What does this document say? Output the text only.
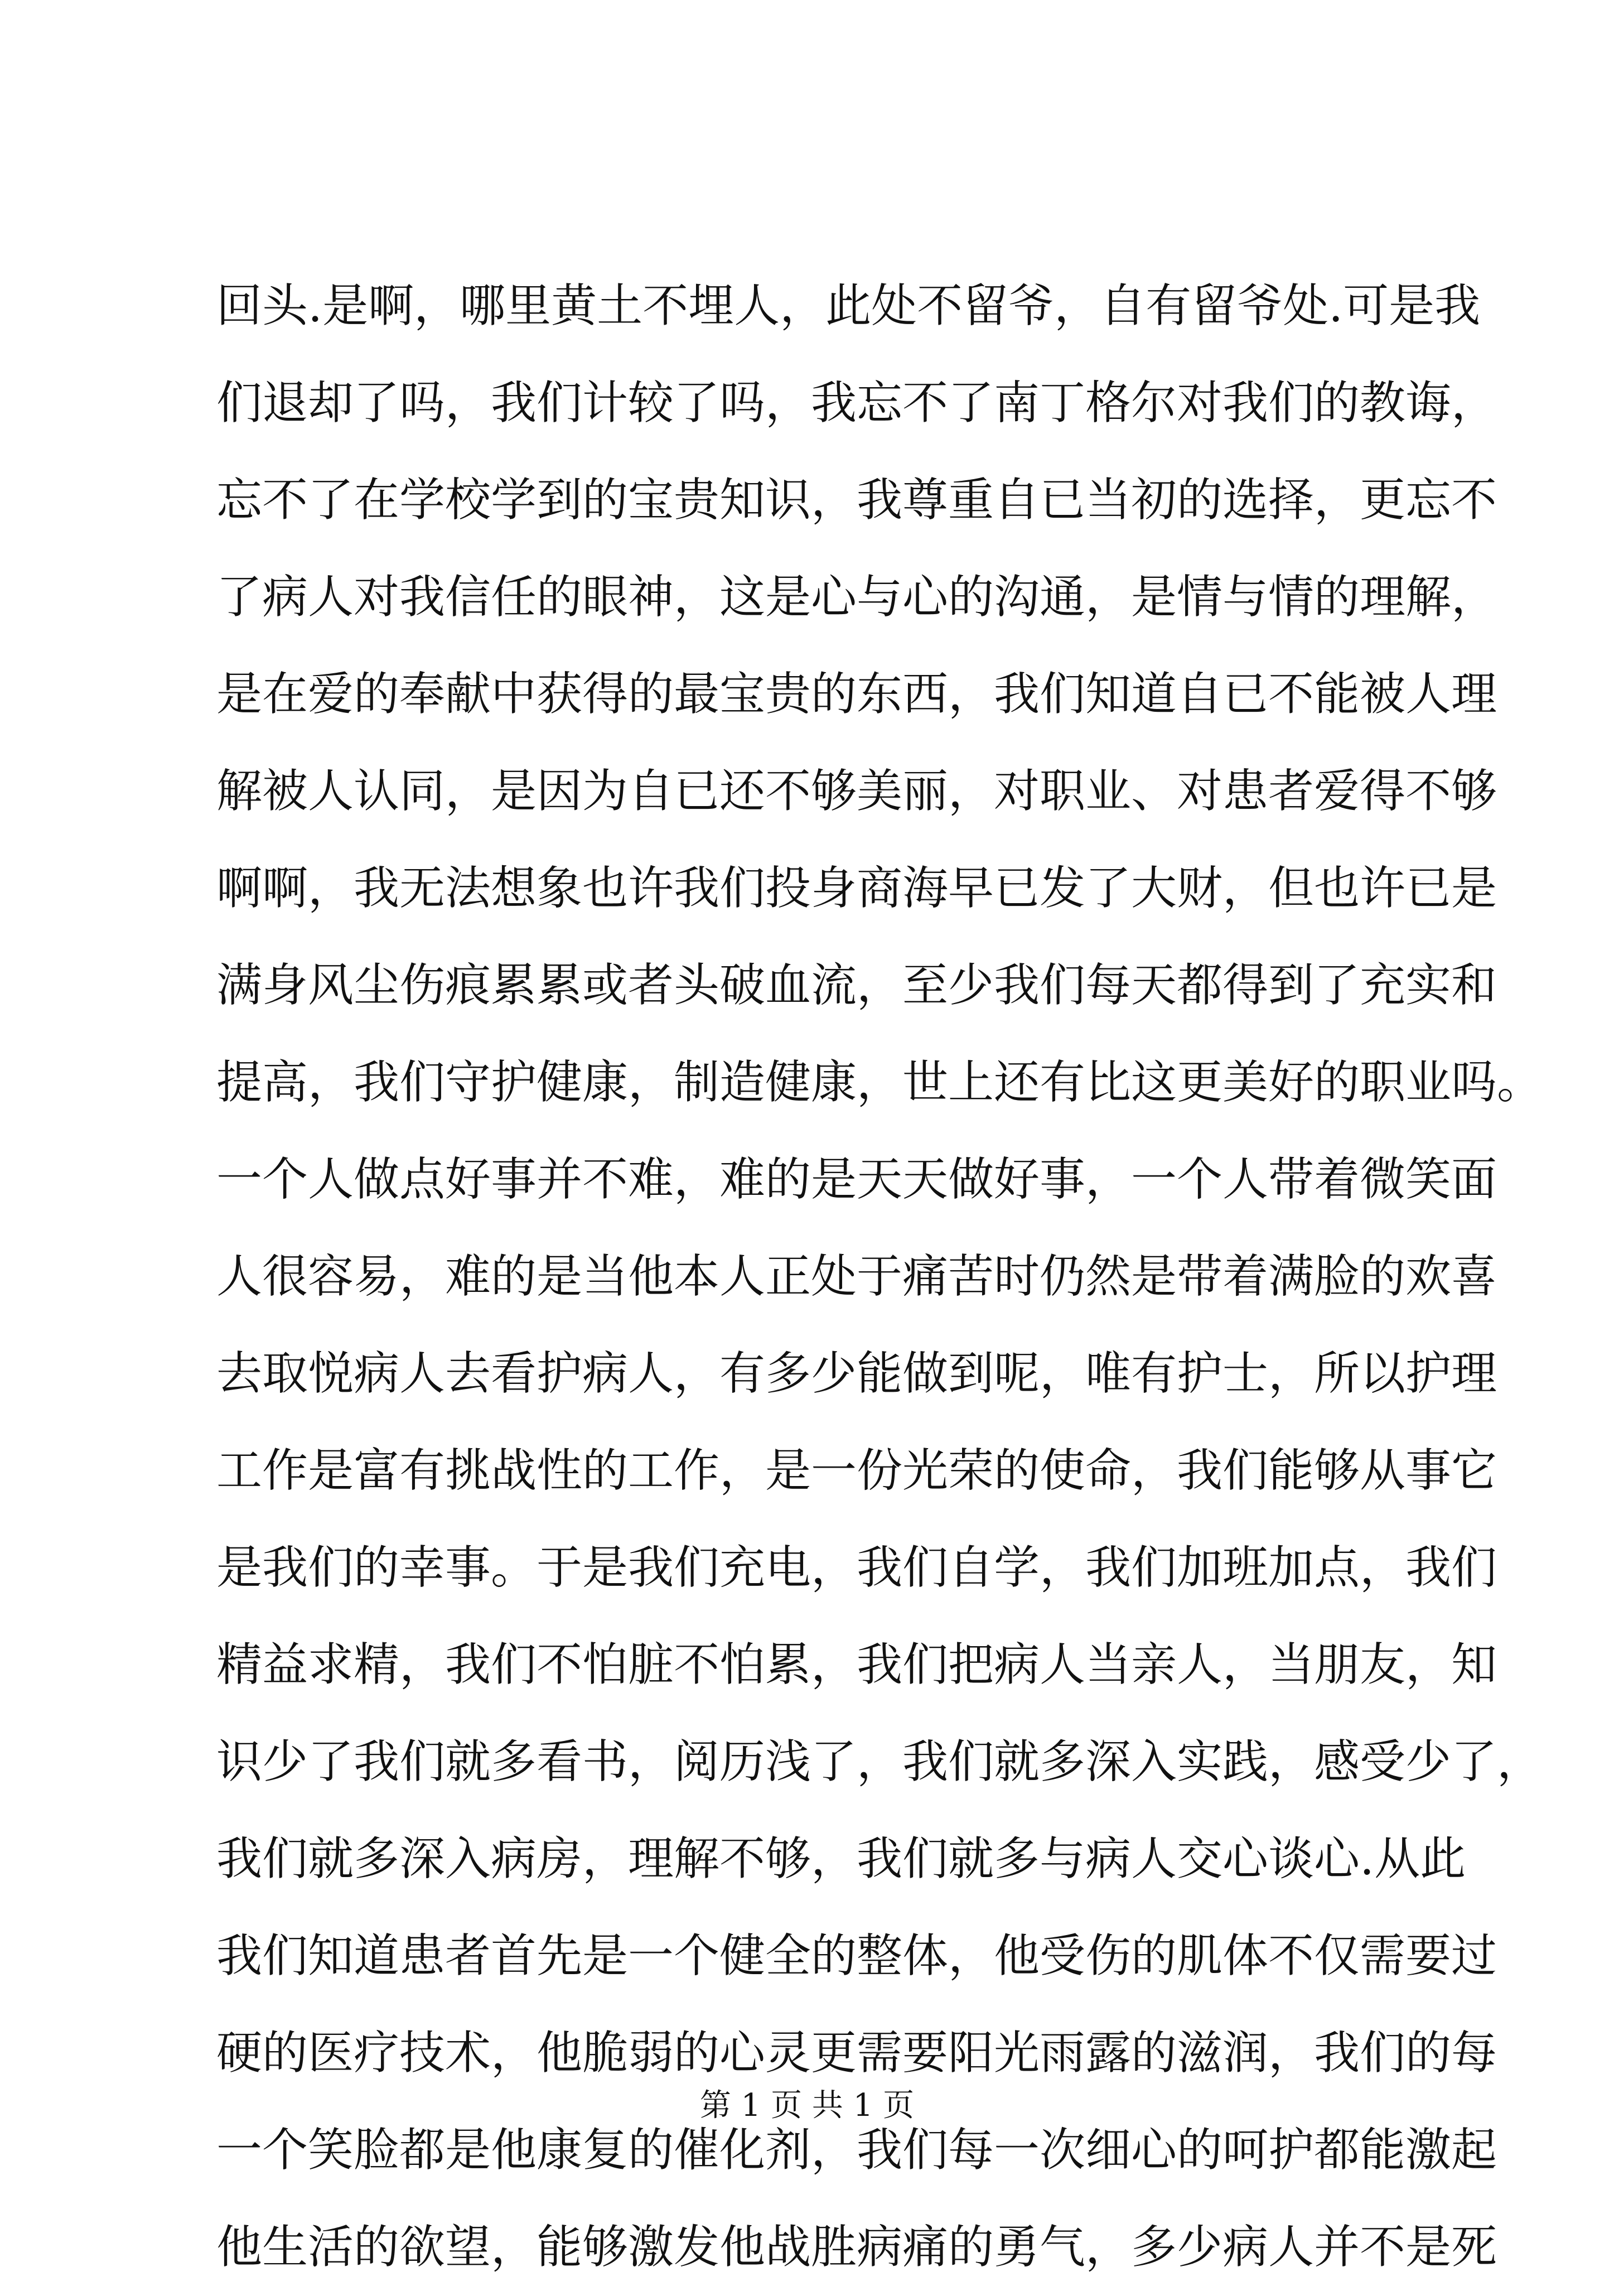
回头.是啊，哪里黄土不埋人，此处不留爷，自有留爷处.可是我
们退却了吗，我们计较了吗，我忘不了南丁格尔对我们的教诲，
忘不了在学校学到的宝贵知识，我尊重自已当初的选择，更忘不
了病人对我信任的眼神，这是心与心的沟通，是情与情的理解，
是在爱的奉献中获得的最宝贵的东西，我们知道自已不能被人理
解被人认同，是因为自已还不够美丽，对职业、对患者爱得不够
啊啊，我无法想象也许我们投身商海早已发了大财，但也许已是
满身风尘伤痕累累或者头破血流，至少我们每天都得到了充实和
提高，我们守护健康，制造健康，世上还有比这更美好的职业吗。
一个人做点好事并不难，难的是天天做好事，一个人带着微笑面
人很容易，难的是当他本人正处于痛苦时仍然是带着满脸的欢喜
去取悦病人去看护病人，有多少能做到呢，唯有护士，所以护理
工作是富有挑战性的工作，是一份光荣的使命，我们能够从事它
是我们的幸事。于是我们充电，我们自学，我们加班加点，我们
精益求精，我们不怕脏不怕累，我们把病人当亲人，当朋友，知
识少了我们就多看书，阅历浅了，我们就多深入实践，感受少了，
我们就多深入病房，理解不够，我们就多与病人交心谈心.从此
我们知道患者首先是一个健全的整体，他受伤的肌体不仅需要过
硬的医疗技术，他脆弱的心灵更需要阳光雨露的滋润，我们的每
一个笑脸都是他康复的催化剂，我们每一次细心的呵护都能激起
他生活的欲望，能够激发他战胜病痛的勇气，多少病人并不是死
第 1 页 共 1 页
